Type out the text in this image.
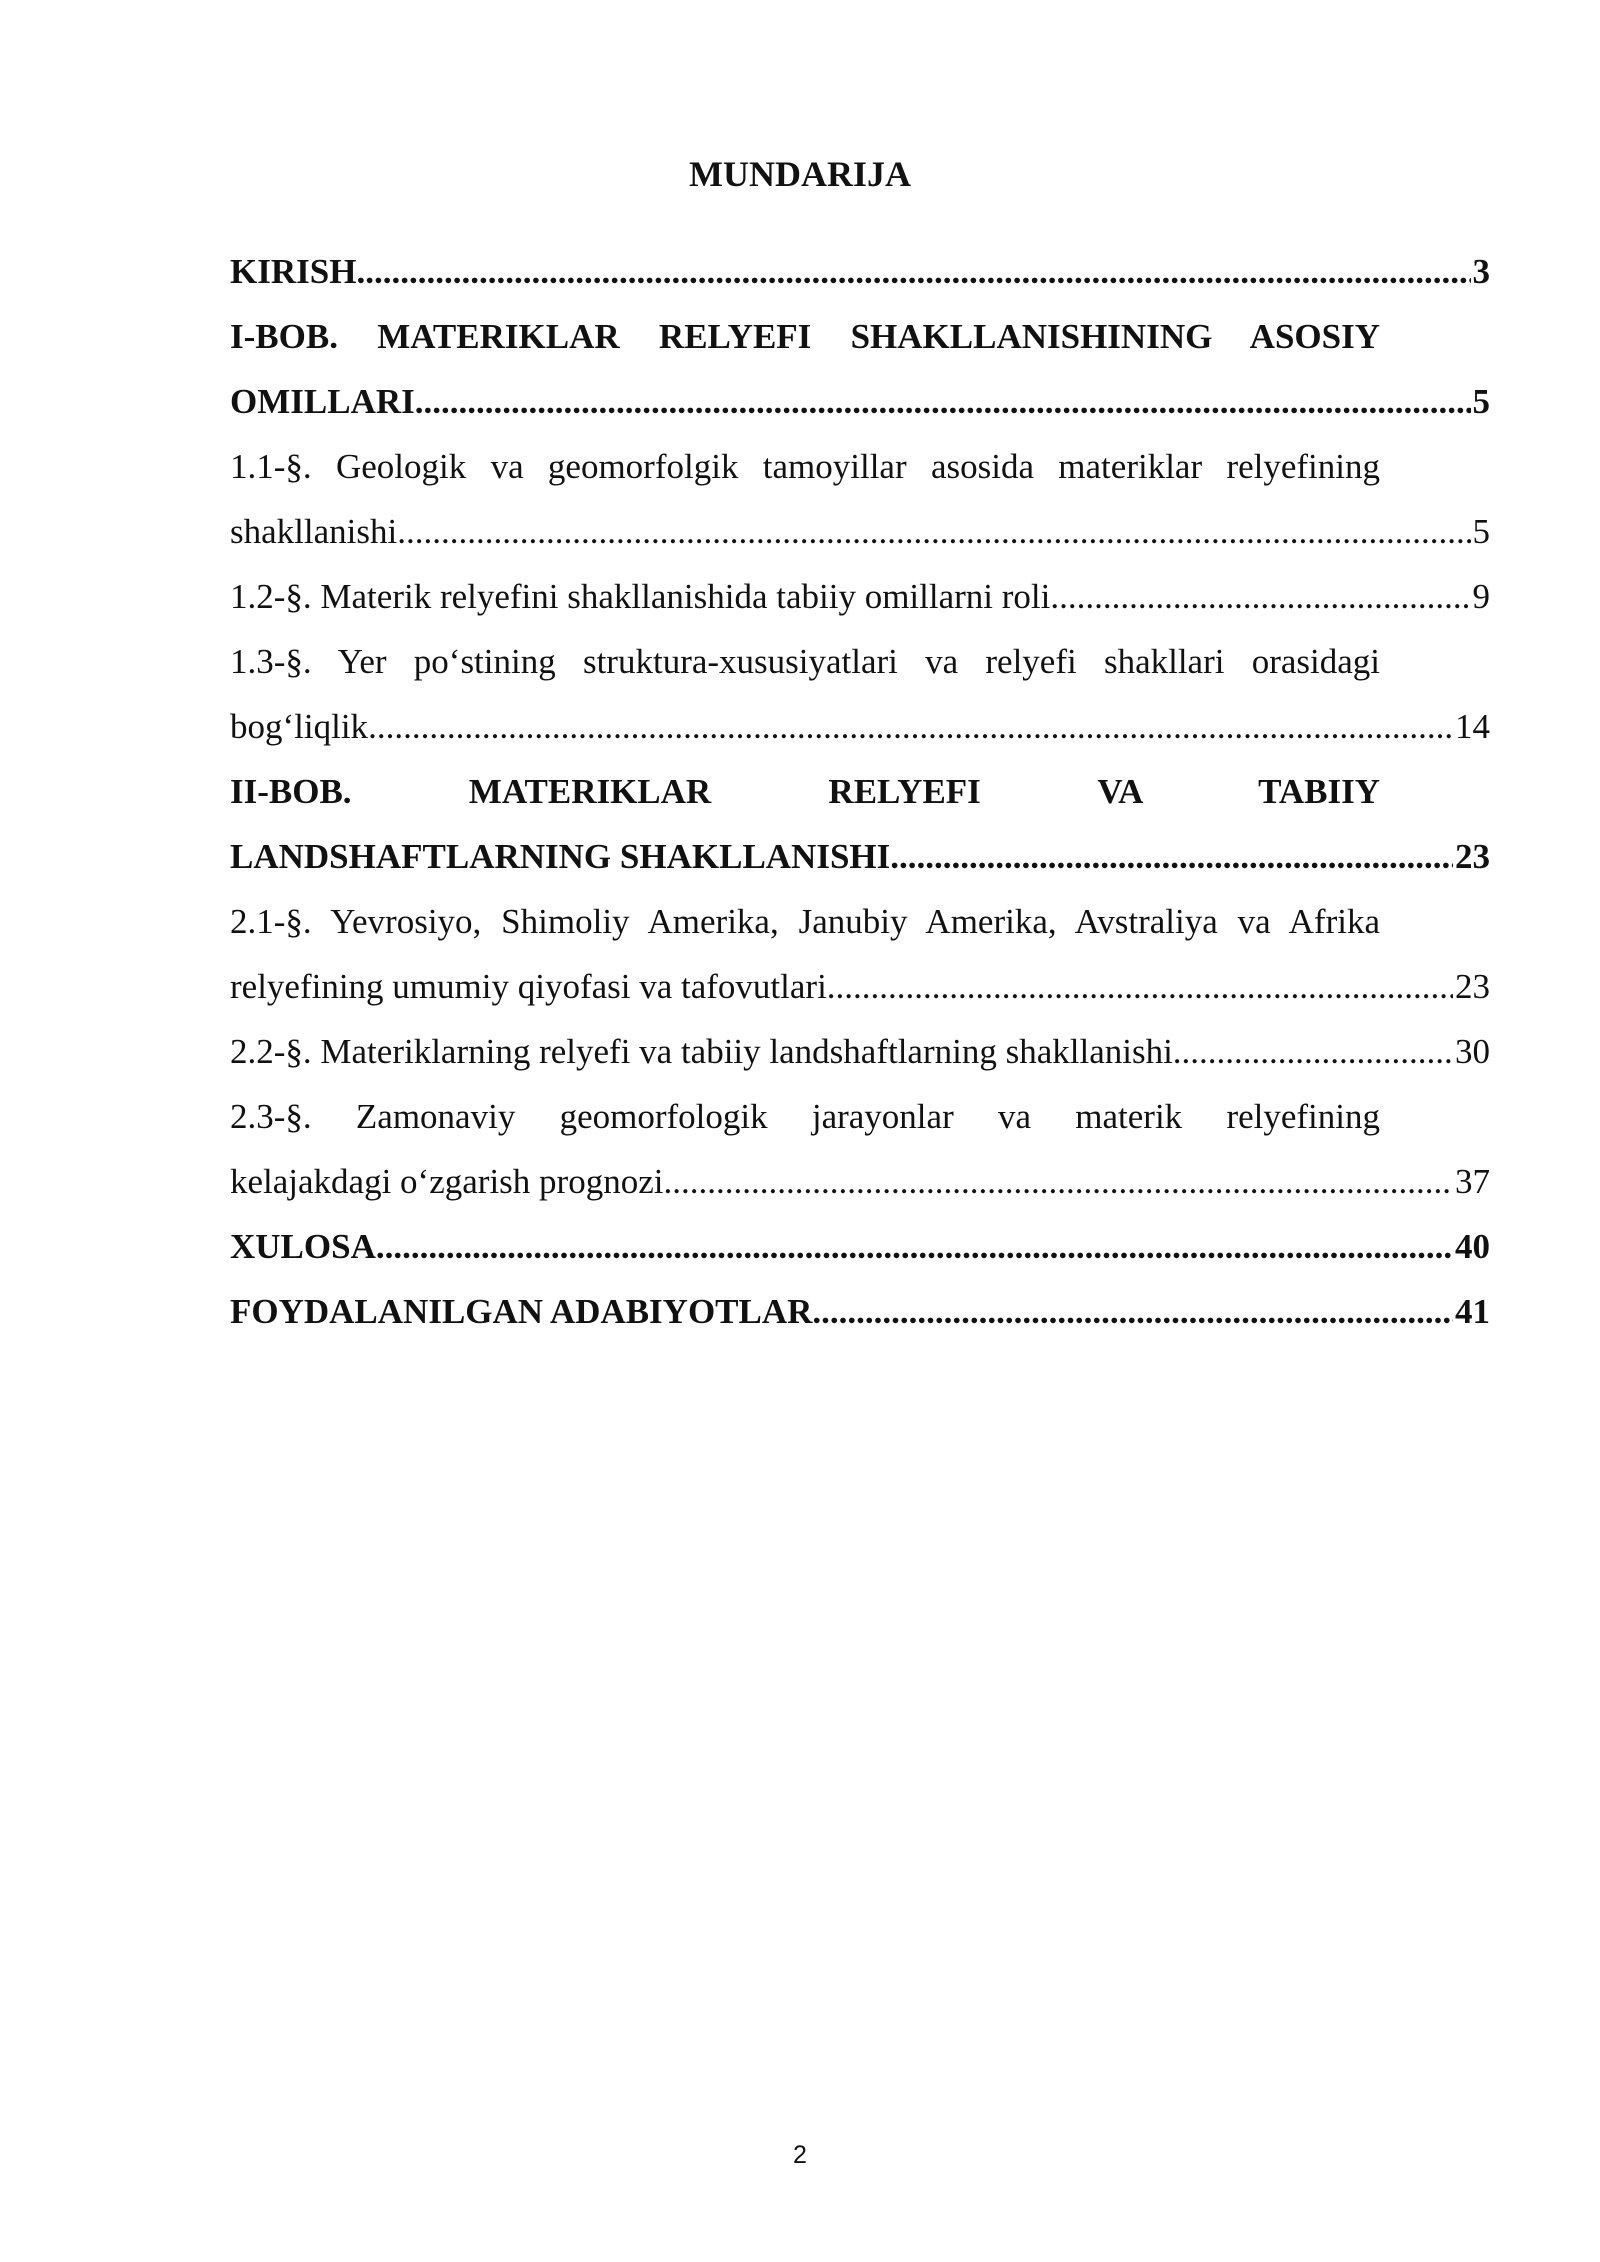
MUNDARIJA
KIRISH .....	3
I-BOB. MATERIKLAR RELYEFI SHAKLLANISHINING ASOSIY
OMILLARI .....	5
1.1-§. Geologik va geomorfolgik tamoyillar asosida materiklar relyefining
shakllanishi .....	5
1.2-§. Materik relyefini shakllanishida tabiiy omillarni roli .....	9
1.3-§. Yer po‘stining struktura-xususiyatlari va relyefi shakllari orasidagi
bog‘liqlik .....	14
II-BOB. MATERIKLAR RELYEFI VA TABIIY
LANDSHAFTLARNING SHAKLLANISHI .....	23
2.1-§. Yevrosiyo, Shimoliy Amerika, Janubiy Amerika, Avstraliya va Afrika
relyefining umumiy qiyofasi va tafovutlari .....	23
2.2-§. Materiklarning relyefi va tabiiy landshaftlarning shakllanishi .....	30
2.3-§. Zamonaviy geomorfologik jarayonlar va materik relyefining
kelajakdagi o‘zgarish prognozi .....	37
XULOSA .....	40
FOYDALANILGAN ADABIYOTLAR .....	41
2
